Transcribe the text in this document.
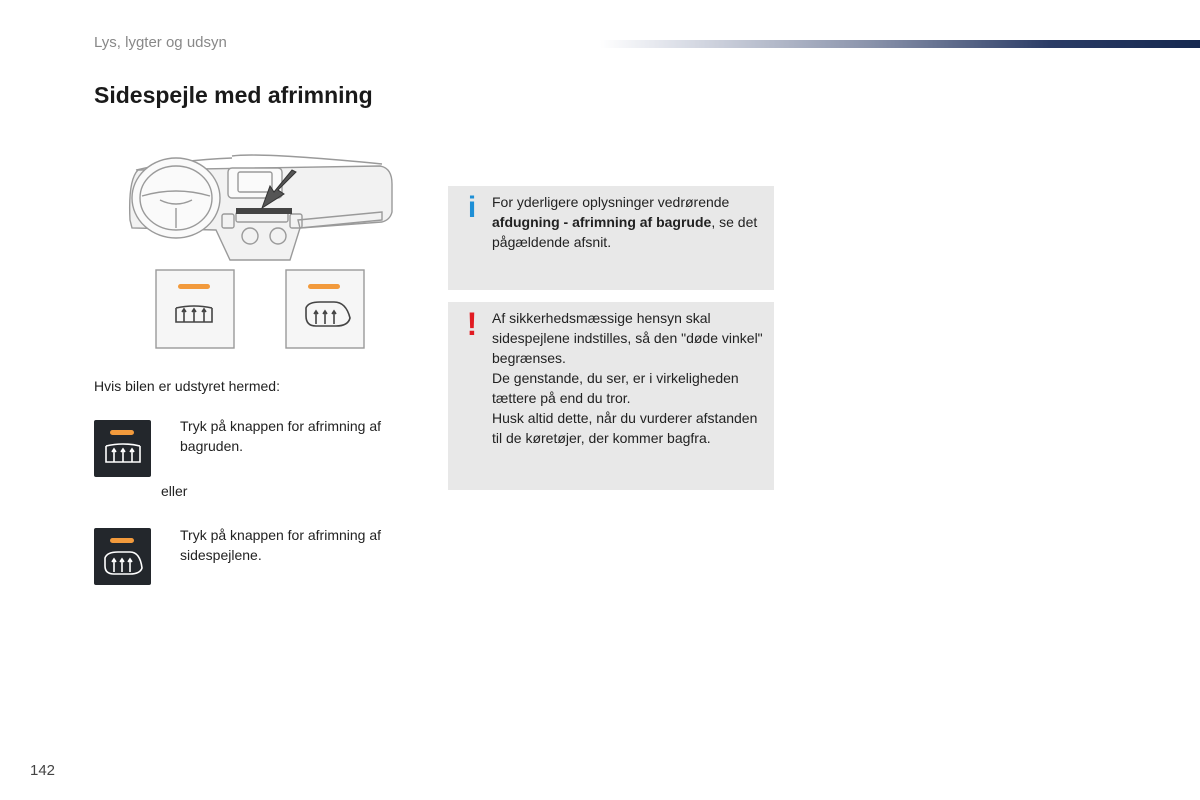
Lys, lygter og udsyn
Sidespejle med afrimning
Hvis bilen er udstyret hermed:
Tryk på knappen for afrimning af bagruden.
eller
Tryk på knappen for afrimning af sidespejlene.
i	For yderligere oplysninger vedrørende afdugning - afrimning af bagrude, se det pågældende afsnit.
!	Af sikkerhedsmæssige hensyn skal sidespejlene indstilles, så den "døde vinkel" begrænses.
De genstande, du ser, er i virkeligheden tættere på end du tror.
Husk altid dette, når du vurderer afstanden til de køretøjer, der kommer bagfra.
142
